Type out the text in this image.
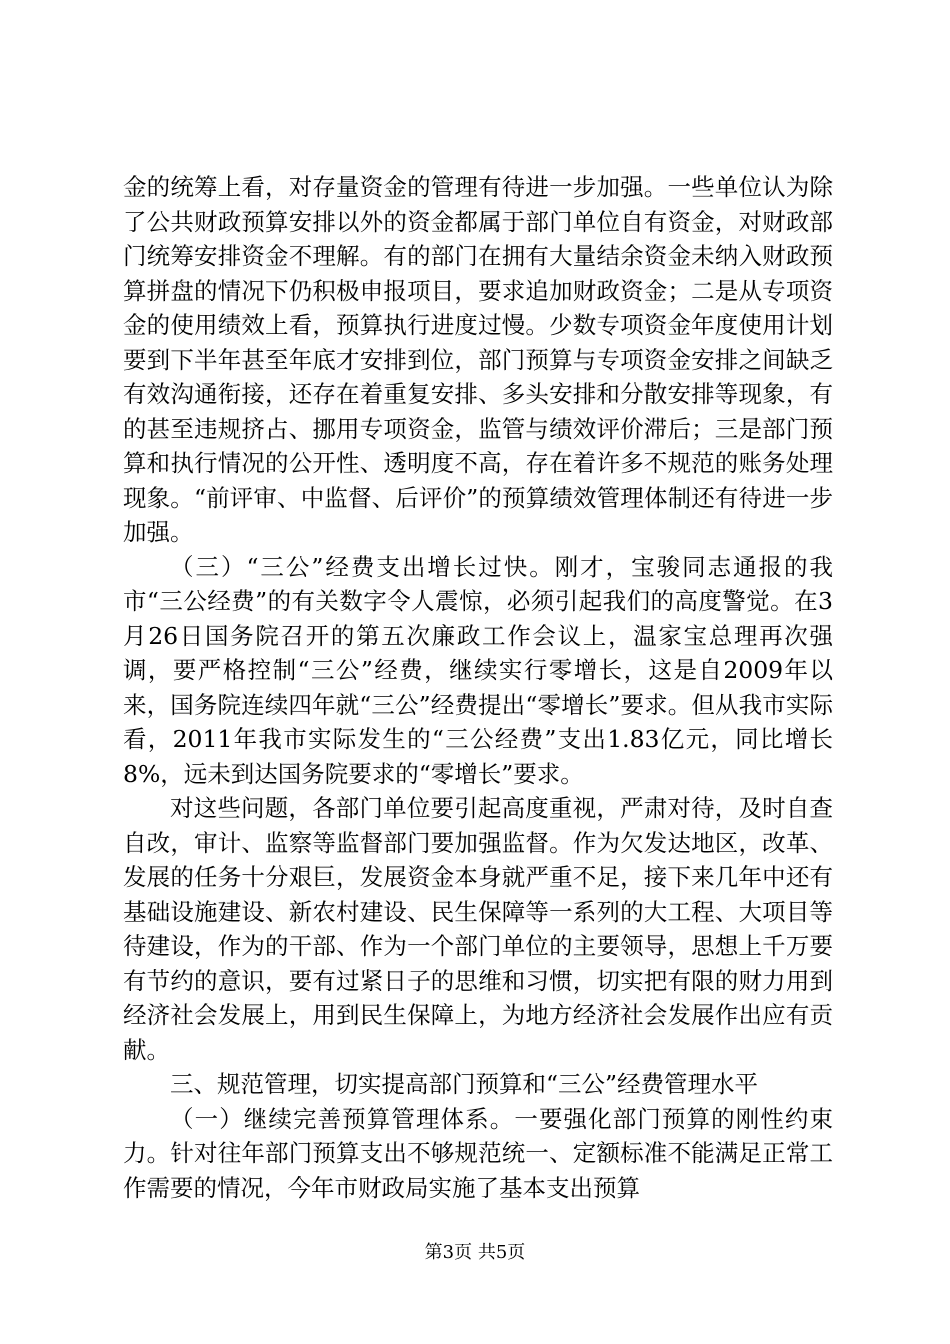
金的统筹上看，对存量资金的管理有待进一步加强。一些单位认为除了公共财政预算安排以外的资金都属于部门单位自有资金，对财政部门统筹安排资金不理解。有的部门在拥有大量结余资金未纳入财政预算拼盘的情况下仍积极申报项目，要求追加财政资金；二是从专项资金的使用绩效上看，预算执行进度过慢。少数专项资金年度使用计划要到下半年甚至年底才安排到位，部门预算与专项资金安排之间缺乏有效沟通衔接，还存在着重复安排、多头安排和分散安排等现象，有的甚至违规挤占、挪用专项资金，监管与绩效评价滞后；三是部门预算和执行情况的公开性、透明度不高，存在着许多不规范的账务处理现象。“前评审、中监督、后评价”的预算绩效管理体制还有待进一步加强。

（三）“三公”经费支出增长过快。刚才，宝骏同志通报的我市“三公经费”的有关数字令人震惊，必须引起我们的高度警觉。在3月26日国务院召开的第五次廉政工作会议上，温家宝总理再次强调，要严格控制“三公”经费，继续实行零增长，这是自2009年以来，国务院连续四年就“三公”经费提出“零增长”要求。但从我市实际看，2011年我市实际发生的“三公经费”支出1.83亿元，同比增长8%，远未到达国务院要求的“零增长”要求。

对这些问题，各部门单位要引起高度重视，严肃对待，及时自查自改，审计、监察等监督部门要加强监督。作为欠发达地区，改革、发展的任务十分艰巨，发展资金本身就严重不足，接下来几年中还有基础设施建设、新农村建设、民生保障等一系列的大工程、大项目等待建设，作为的干部、作为一个部门单位的主要领导，思想上千万要有节约的意识，要有过紧日子的思维和习惯，切实把有限的财力用到经济社会发展上，用到民生保障上，为地方经济社会发展作出应有贡献。

三、规范管理，切实提高部门预算和“三公”经费管理水平

（一）继续完善预算管理体系。一要强化部门预算的刚性约束力。针对往年部门预算支出不够规范统一、定额标准不能满足正常工作需要的情况，今年市财政局实施了基本支出预算

第3页 共5页
